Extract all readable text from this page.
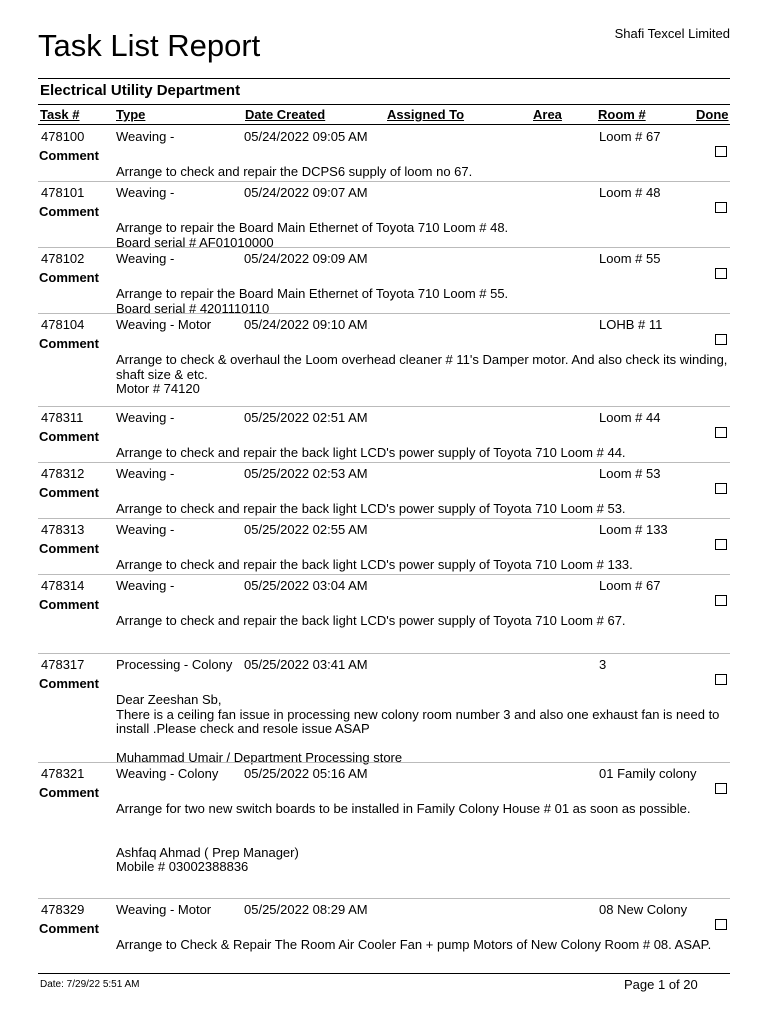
Task List Report	Shafi Texcel Limited
Electrical Utility Department
Task #	Type	Date Created	Assigned To	Area	Room #	Done
478100 Weaving -	05/24/2022 09:05 AM	Loom # 67
Comment
Arrange to check and repair the DCPS6 supply of loom no 67.
478101 Weaving -	05/24/2022 09:07 AM	Loom # 48
Comment
Arrange to repair the Board Main Ethernet of Toyota 710 Loom # 48.
Board serial # AF01010000
478102 Weaving -	05/24/2022 09:09 AM	Loom # 55
Comment
Arrange to repair the Board Main Ethernet of Toyota 710 Loom # 55.
Board serial # 4201110110
478104 Weaving - Motor	05/24/2022 09:10 AM	LOHB # 11
Comment
Arrange to check & overhaul the Loom overhead cleaner # 11's Damper motor. And also check its winding,
shaft size & etc.
Motor # 74120
478311	Weaving -	05/25/2022 02:51 AM	Loom # 44
Comment
Arrange to check and repair the back light LCD's power supply of Toyota 710 Loom # 44.
478312 Weaving -	05/25/2022 02:53 AM	Loom # 53
Comment
Arrange to check and repair the back light LCD's power supply of Toyota 710 Loom # 53.
478313 Weaving -	05/25/2022 02:55 AM	Loom # 133
Comment
Arrange to check and repair the back light LCD's power supply of Toyota 710 Loom # 133.
478314 Weaving -	05/25/2022 03:04 AM	Loom # 67
Comment
Arrange to check and repair the back light LCD's power supply of Toyota 710 Loom # 67.
478317 Processing - Colony 05/25/2022 03:41 AM	3
Comment
Dear Zeeshan Sb,
There is a ceiling fan issue in processing new colony room number 3 and also one exhaust fan is need to
install .Please check and resole issue ASAP

Muhammad Umair / Department Processing store
478321 Weaving - Colony 05/25/2022 05:16 AM	01 Family colony
Comment
Arrange for two new switch boards to be installed in Family Colony House # 01 as soon as possible.

Ashfaq Ahmad ( Prep Manager)
Mobile # 03002388836
478329 Weaving - Motor	05/25/2022 08:29 AM	08 New Colony
Comment
Arrange to Check & Repair The Room Air Cooler Fan + pump Motors of New Colony Room # 08. ASAP.
Date: 7/29/22 5:51 AM	Page 1 of 20
